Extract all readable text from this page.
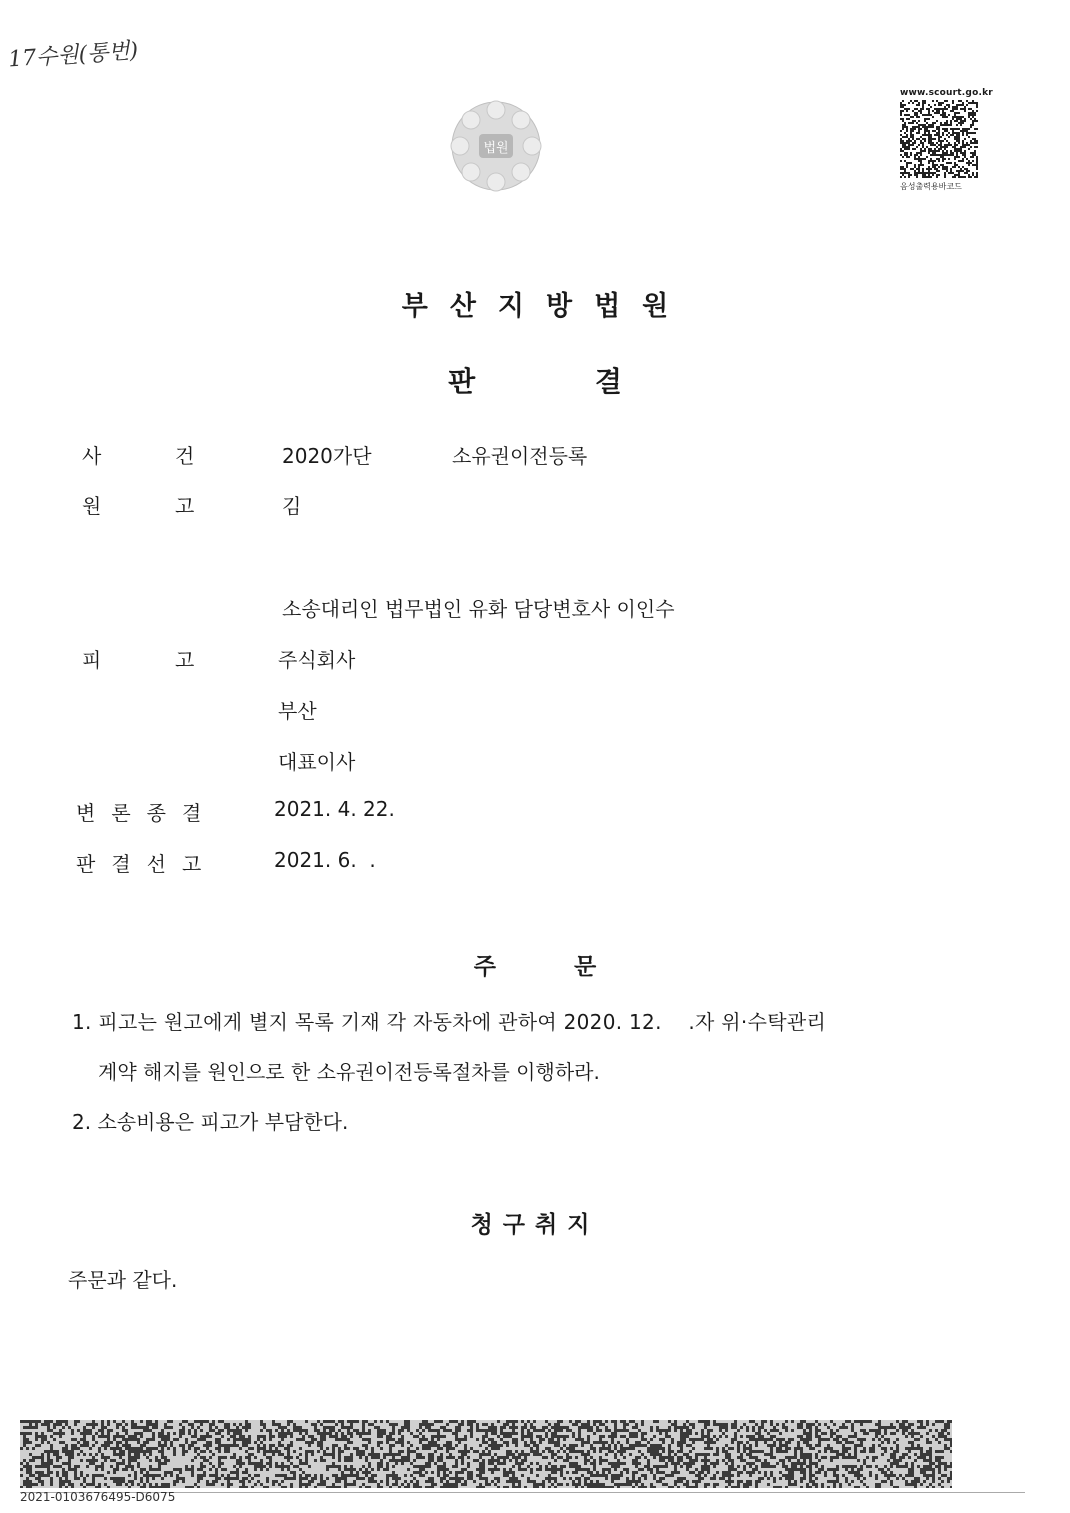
17수원(통번)
법원
www.scourt.go.kr
음성출력용바코드
부산지방법원
판 결
사	건	2020가단	소유권이전등록
원	고	김
소송대리인 법무법인 유화 담당변호사 이인수
피	고	주식회사
부산
대표이사
변론종결	2021. 4. 22.
판결선고	2021. 6.  .
주 문
1. 피고는 원고에게 별지 목록 기재 각 자동차에 관하여 2020. 12.    .자 위·수탁관리
계약 해지를 원인으로 한 소유권이전등록절차를 이행하라.
2. 소송비용은 피고가 부담한다.
청구취지
주문과 같다.
2021-0103676495-D6075
